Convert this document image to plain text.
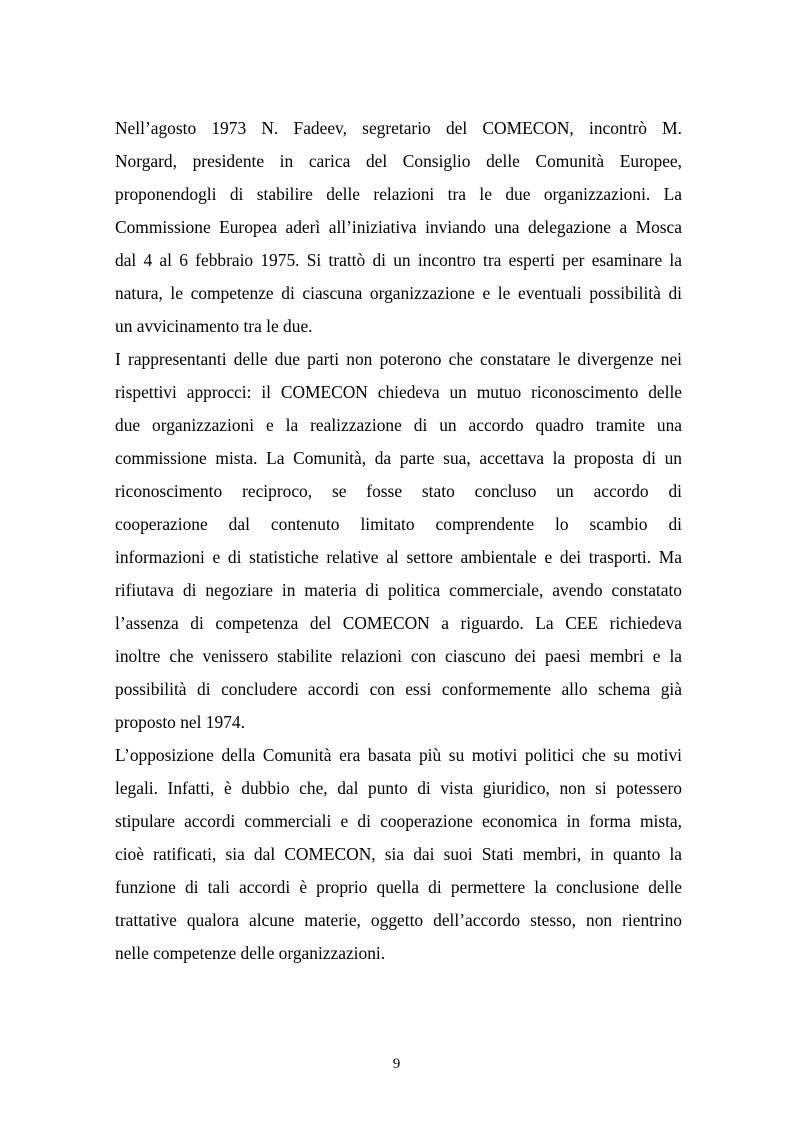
Nell’agosto 1973 N. Fadeev, segretario del COMECON, incontrò M.
Norgard, presidente in carica del Consiglio delle Comunità Europee,
proponendogli di stabilire delle relazioni tra le due organizzazioni. La
Commissione Europea aderì all’iniziativa inviando una delegazione a Mosca
dal 4 al 6 febbraio 1975. Si trattò di un incontro tra esperti per esaminare la
natura, le competenze di ciascuna organizzazione e le eventuali possibilità di
un avvicinamento tra le due.
I rappresentanti delle due parti non poterono che constatare le divergenze nei
rispettivi approcci: il COMECON chiedeva un mutuo riconoscimento delle
due organizzazioni e la realizzazione di un accordo quadro tramite una
commissione mista. La Comunità, da parte sua, accettava la proposta di un
riconoscimento reciproco, se fosse stato concluso un accordo di
cooperazione dal contenuto limitato comprendente lo scambio di
informazioni e di statistiche relative al settore ambientale e dei trasporti. Ma
rifiutava di negoziare in materia di politica commerciale, avendo constatato
l’assenza di competenza del COMECON a riguardo. La CEE richiedeva
inoltre che venissero stabilite relazioni con ciascuno dei paesi membri e la
possibilità di concludere accordi con essi conformemente allo schema già
proposto nel 1974.
L’opposizione della Comunità era basata più su motivi politici che su motivi
legali. Infatti, è dubbio che, dal punto di vista giuridico, non si potessero
stipulare accordi commerciali e di cooperazione economica in forma mista,
cioè ratificati, sia dal COMECON, sia dai suoi Stati membri, in quanto la
funzione di tali accordi è proprio quella di permettere la conclusione delle
trattative qualora alcune materie, oggetto dell’accordo stesso, non rientrino
nelle competenze delle organizzazioni.
9
